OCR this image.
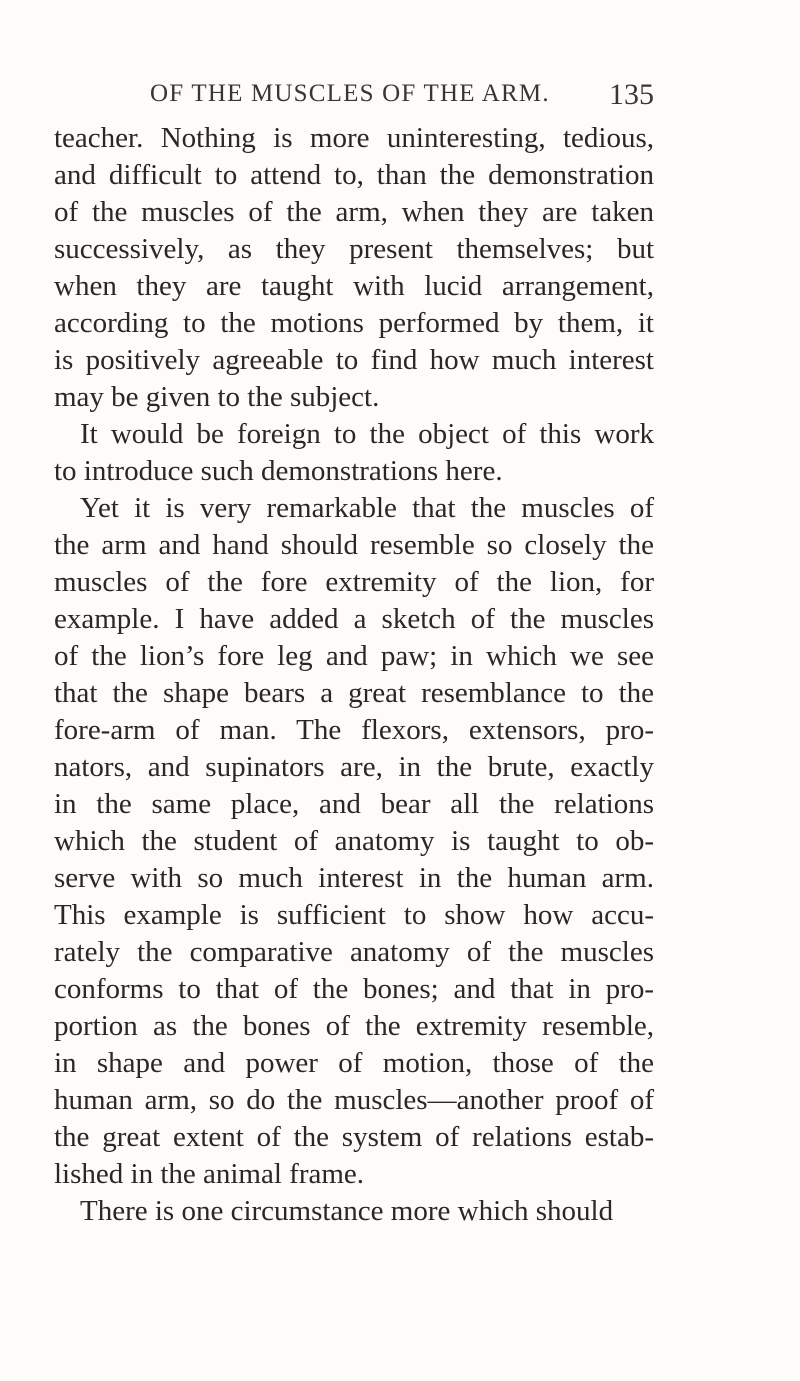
OF THE MUSCLES OF THE ARM. 135
teacher. Nothing is more uninteresting, tedious,
and difficult to attend to, than the demonstration
of the muscles of the arm, when they are taken
successively, as they present themselves; but
when they are taught with lucid arrangement,
according to the motions performed by them, it
is positively agreeable to find how much interest
may be given to the subject.
It would be foreign to the object of this work
to introduce such demonstrations here.
Yet it is very remarkable that the muscles of
the arm and hand should resemble so closely the
muscles of the fore extremity of the lion, for
example. I have added a sketch of the muscles
of the lion’s fore leg and paw; in which we see
that the shape bears a great resemblance to the
fore-arm of man. The flexors, extensors, pro-
nators, and supinators are, in the brute, exactly
in the same place, and bear all the relations
which the student of anatomy is taught to ob-
serve with so much interest in the human arm.
This example is sufficient to show how accu-
rately the comparative anatomy of the muscles
conforms to that of the bones; and that in pro-
portion as the bones of the extremity resemble,
in shape and power of motion, those of the
human arm, so do the muscles—another proof of
the great extent of the system of relations estab-
lished in the animal frame.
There is one circumstance more which should
